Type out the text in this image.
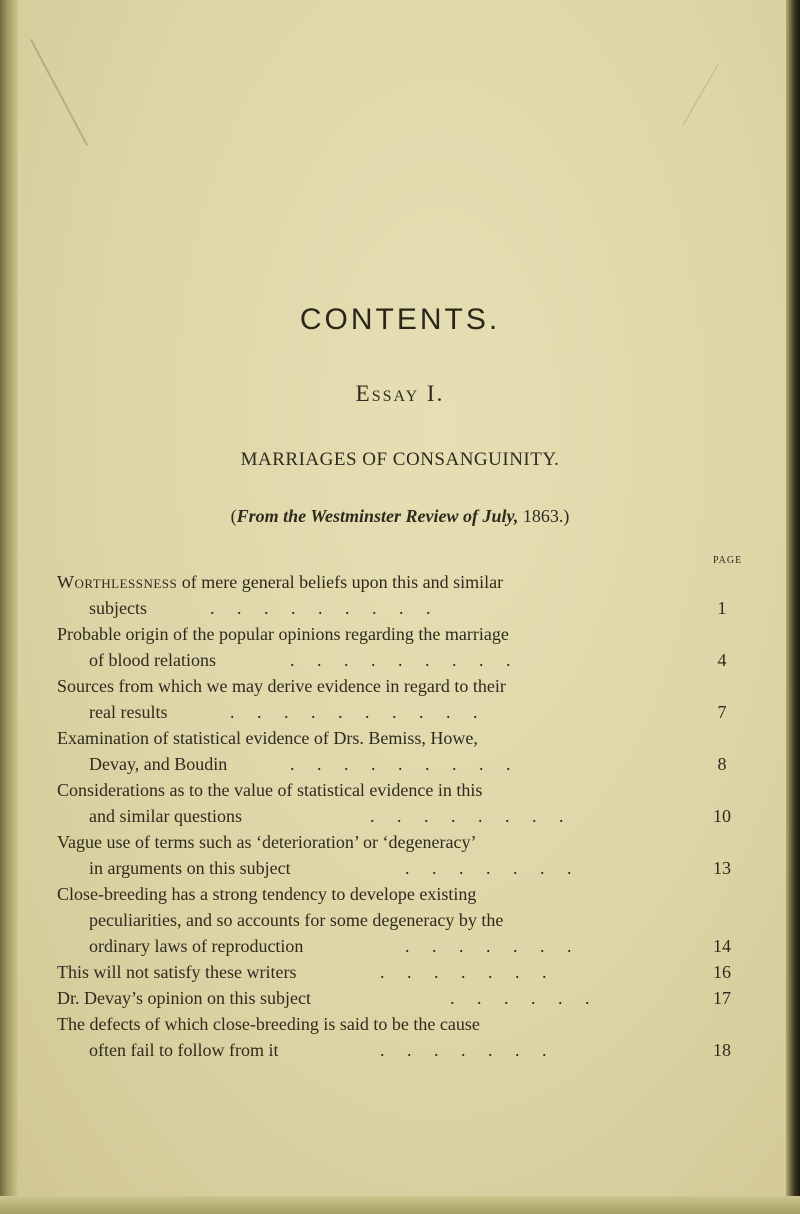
CONTENTS.
Essay I.
MARRIAGES OF CONSANGUINITY.
(From the Westminster Review of July, 1863.)
PAGE
Worthlessness of mere general beliefs upon this and similar
subjects	. . . . . . . . .	1
Probable origin of the popular opinions regarding the marriage
of blood relations	. . . . . . . . .	4
Sources from which we may derive evidence in regard to their
real results	. . . . . . . . . .	7
Examination of statistical evidence of Drs. Bemiss, Howe,
Devay, and Boudin	. . . . . . . . .	8
Considerations as to the value of statistical evidence in this
and similar questions	. . . . . . . .	10
Vague use of terms such as ‘deterioration’ or ‘degeneracy’
in arguments on this subject	. . . . . . .	13
Close-breeding has a strong tendency to develope existing
peculiarities, and so accounts for some degeneracy by the
ordinary laws of reproduction	. . . . . . .	14
This will not satisfy these writers	. . . . . . .	16
Dr. Devay’s opinion on this subject	. . . . . .	17
The defects of which close-breeding is said to be the cause
often fail to follow from it	. . . . . . .	18
